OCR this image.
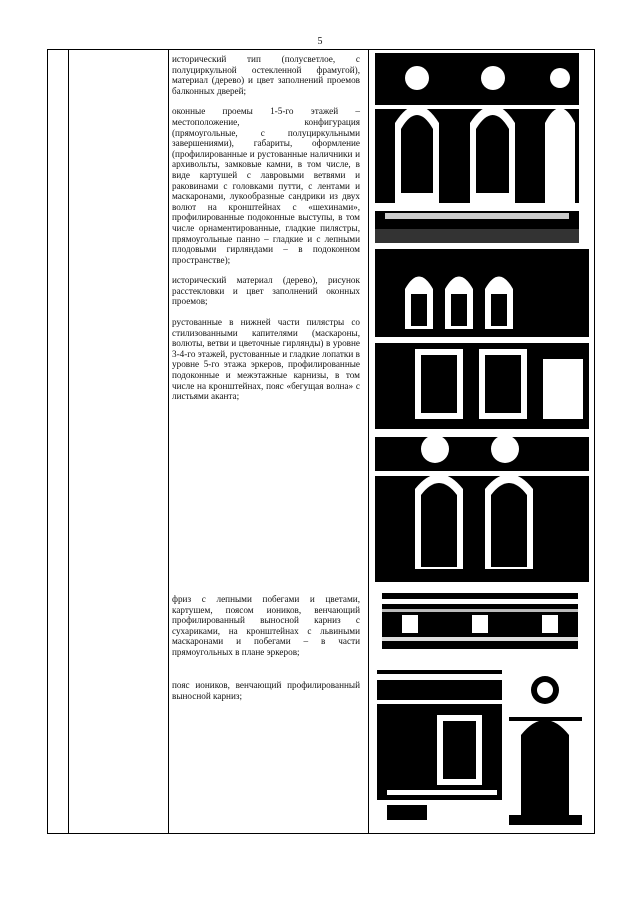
5

исторический тип (полусветлое, с полуциркульной остекленной фрамугой), материал (дерево) и цвет заполнений проемов балконных дверей;

оконные проемы 1-5-го этажей – местоположение, конфигурация (прямоугольные, с полуциркульными завершениями), габариты, оформление (профилированные и рустованные наличники и архивольты, замковые камни, в том числе, в виде картушей с лавровыми ветвями и раковинами с головками путти, с лентами и маскаронами, лукообразные сандрики из двух волют на кронштейнах с «шехинами», профилированные подоконные выступы, в том числе орнаментированные, гладкие пилястры, прямоугольные панно – гладкие и с лепными плодовыми гирляндами – в подоконном пространстве);

исторический материал (дерево), рисунок расстекловки и цвет заполнений оконных проемов;

рустованные в нижней части пилястры со стилизованными капителями (маскароны, волюты, ветви и цветочные гирлянды) в уровне 3-4-го этажей, рустованные и гладкие лопатки в уровне 5-го этажа эркеров, профилированные подоконные и межэтажные карнизы, в том числе на кронштейнах, пояс «бегущая волна» с листьями аканта;

фриз с лепными побегами и цветами, картушем, поясом иоников, венчающий профилированный выносной карниз с сухариками, на кронштейнах с львиными маскаронами и побегами – в части прямоугольных в плане эркеров;
пояс иоников, венчающий профилированный выносной карниз;
